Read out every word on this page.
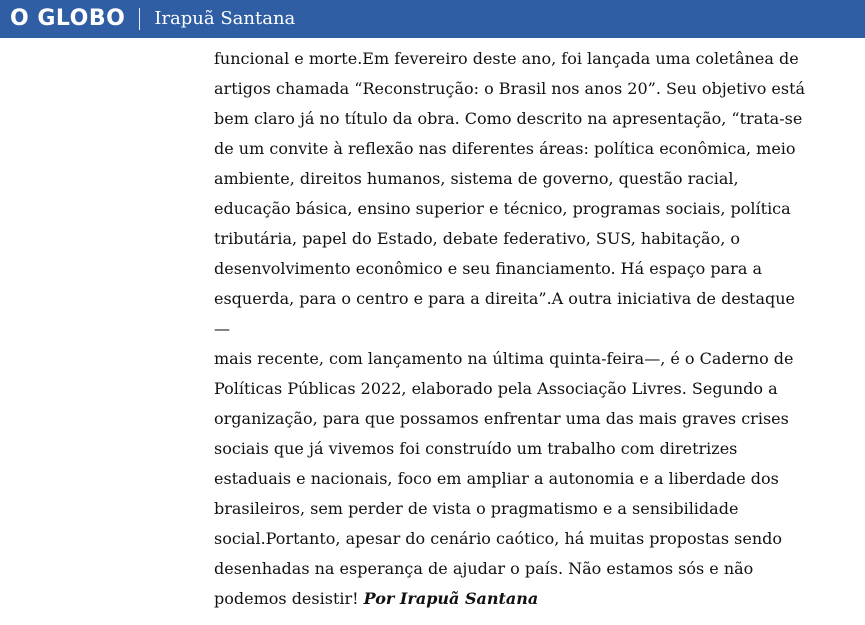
O GLOBO Irapuã Santana

funcional e morte.Em fevereiro deste ano, foi lançada uma coletânea de
artigos chamada “Reconstrução: o Brasil nos anos 20”. Seu objetivo está
bem claro já no título da obra. Como descrito na apresentação, “trata-se
de um convite à reflexão nas diferentes áreas: política econômica, meio
ambiente, direitos humanos, sistema de governo, questão racial,
educação básica, ensino superior e técnico, programas sociais, política
tributária, papel do Estado, debate federativo, SUS, habitação, o
desenvolvimento econômico e seu financiamento. Há espaço para a
esquerda, para o centro e para a direita”.A outra iniciativa de destaque —
mais recente, com lançamento na última quinta-feira—, é o Caderno de
Políticas Públicas 2022, elaborado pela Associação Livres. Segundo a
organização, para que possamos enfrentar uma das mais graves crises
sociais que já vivemos foi construído um trabalho com diretrizes
estaduais e nacionais, foco em ampliar a autonomia e a liberdade dos
brasileiros, sem perder de vista o pragmatismo e a sensibilidade
social.Portanto, apesar do cenário caótico, há muitas propostas sendo
desenhadas na esperança de ajudar o país. Não estamos sós e não
podemos desistir! Por Irapuã Santana
